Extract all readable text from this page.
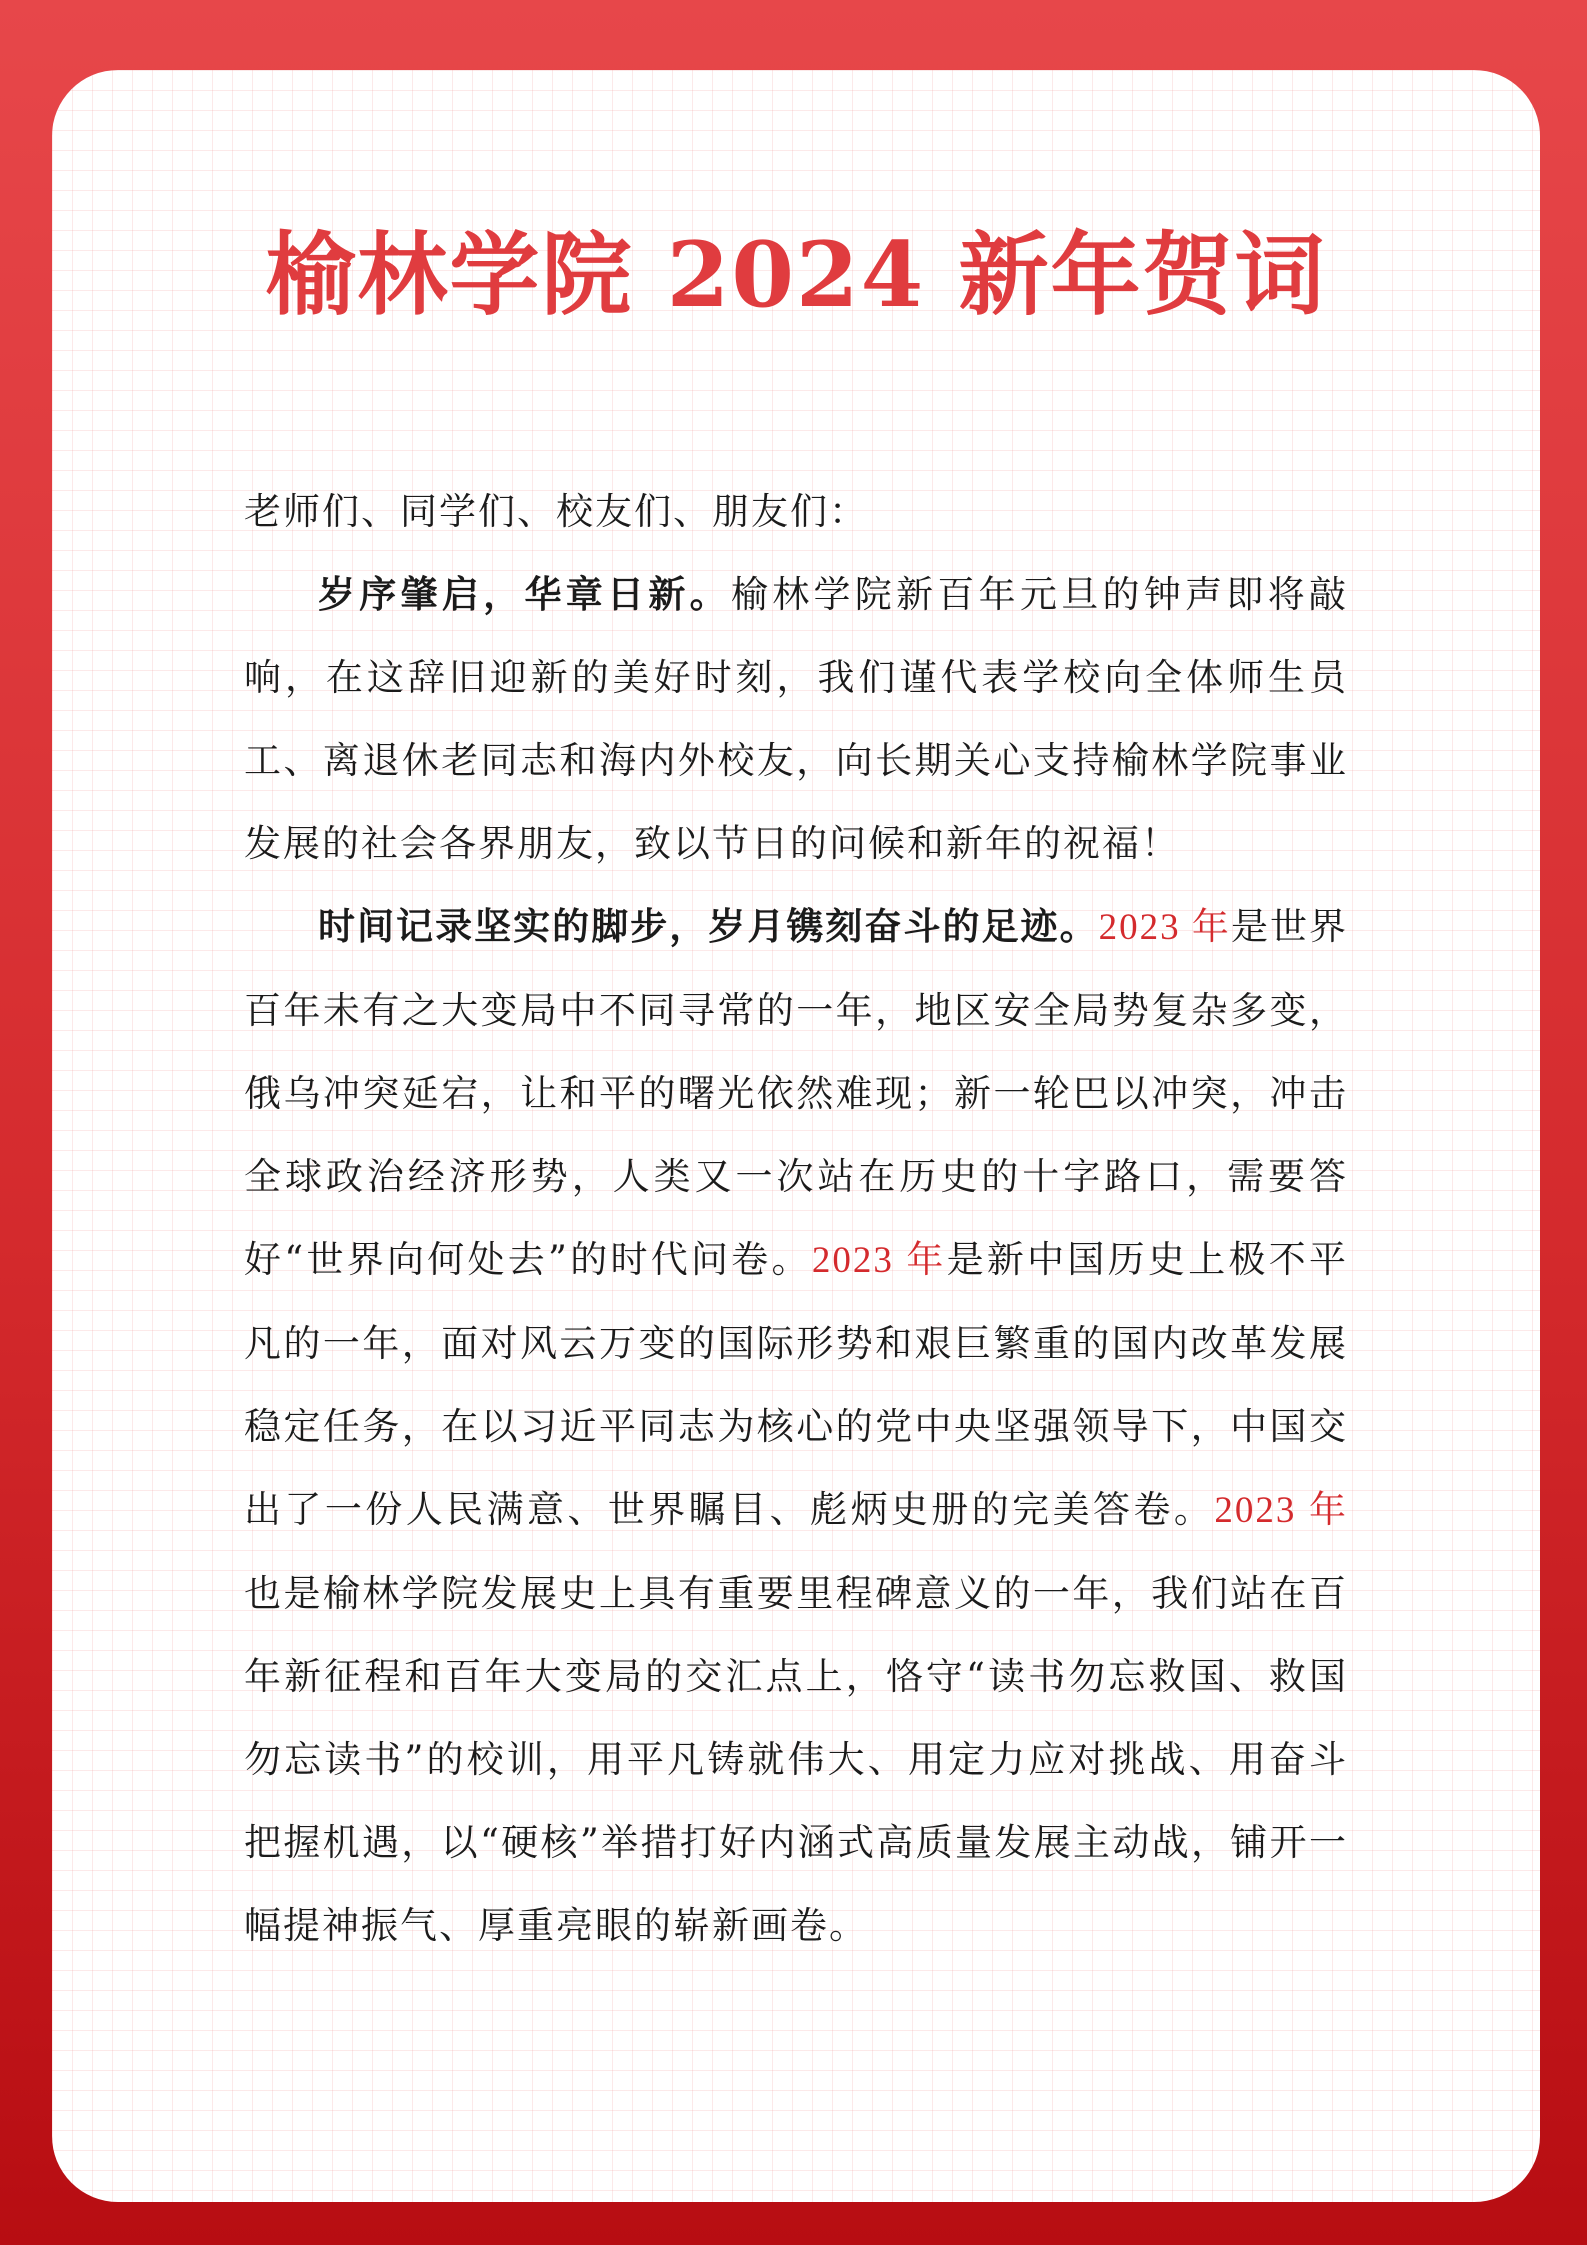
榆林学院 2024 新年贺词

老师们、同学们、校友们、朋友们：

岁序肇启，华章日新。榆林学院新百年元旦的钟声即将敲响，在这辞旧迎新的美好时刻，我们谨代表学校向全体师生员工、离退休老同志和海内外校友，向长期关心支持榆林学院事业发展的社会各界朋友，致以节日的问候和新年的祝福！

时间记录坚实的脚步，岁月镌刻奋斗的足迹。2023 年是世界百年未有之大变局中不同寻常的一年，地区安全局势复杂多变，俄乌冲突延宕，让和平的曙光依然难现；新一轮巴以冲突，冲击全球政治经济形势，人类又一次站在历史的十字路口，需要答好“世界向何处去”的时代问卷。2023 年是新中国历史上极不平凡的一年，面对风云万变的国际形势和艰巨繁重的国内改革发展稳定任务，在以习近平同志为核心的党中央坚强领导下，中国交出了一份人民满意、世界瞩目、彪炳史册的完美答卷。2023 年也是榆林学院发展史上具有重要里程碑意义的一年，我们站在百年新征程和百年大变局的交汇点上，恪守“读书勿忘救国、救国勿忘读书”的校训，用平凡铸就伟大、用定力应对挑战、用奋斗把握机遇，以“硬核”举措打好内涵式高质量发展主动战，铺开一幅提神振气、厚重亮眼的崭新画卷。
